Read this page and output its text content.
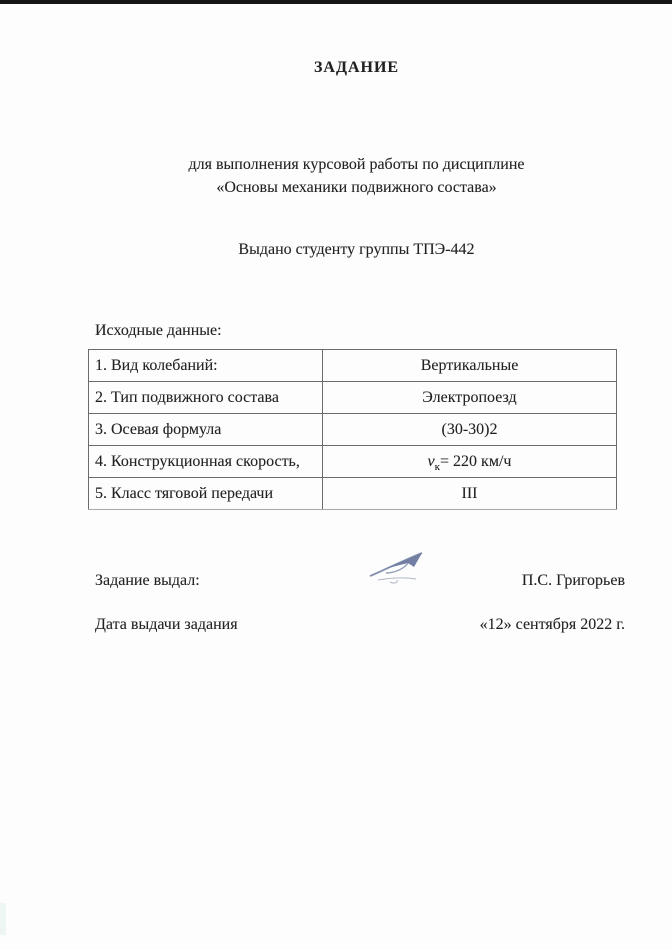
ЗАДАНИЕ
для выполнения курсовой работы по дисциплине
«Основы механики подвижного состава»
Выдано студенту группы ТПЭ-442
Исходные данные:
1. Вид колебаний:	Вертикальные
2. Тип подвижного состава	Электропоезд
3. Осевая формула	(30-30)2
4. Конструкционная скорость,	$v_к= 220$ км/ч
5. Класс тяговой передачи	III
Задание выдал:	П.С. Григорьев
Дата выдачи задания	«12» сентября 2022 г.
